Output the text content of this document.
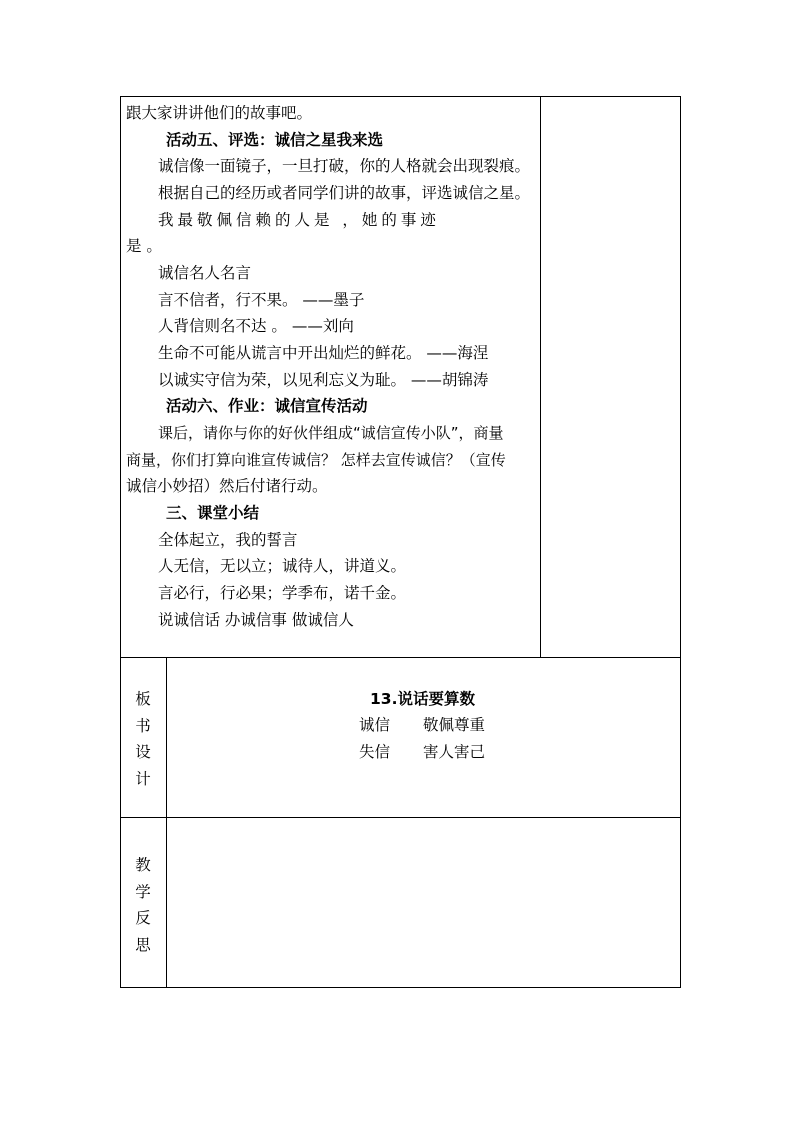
跟大家讲讲他们的故事吧。
活动五、评选：诚信之星我来选
诚信像一面镜子，一旦打破，你的人格就会出现裂痕。
根据自己的经历或者同学们讲的故事，评选诚信之星。
我最敬佩信赖的人是 ，她的事迹
是 。
诚信名人名言
言不信者，行不果。 ——墨子
人背信则名不达 。 ——刘向
生命不可能从谎言中开出灿烂的鲜花。 ——海涅
以诚实守信为荣，以见利忘义为耻。 ——胡锦涛
活动六、作业：诚信宣传活动
课后，请你与你的好伙伴组成“诚信宣传小队”，商量
商量，你们打算向谁宣传诚信？ 怎样去宣传诚信？（宣传
诚信小妙招）然后付诸行动。
三、课堂小结
全体起立，我的誓言
人无信，无以立；诚待人，讲道义。
言必行，行必果；学季布，诺千金。
说诚信话 办诚信事 做诚信人
板
书
设
计
13.说话要算数
诚信 敬佩尊重
失信 害人害己
教
学
反
思
